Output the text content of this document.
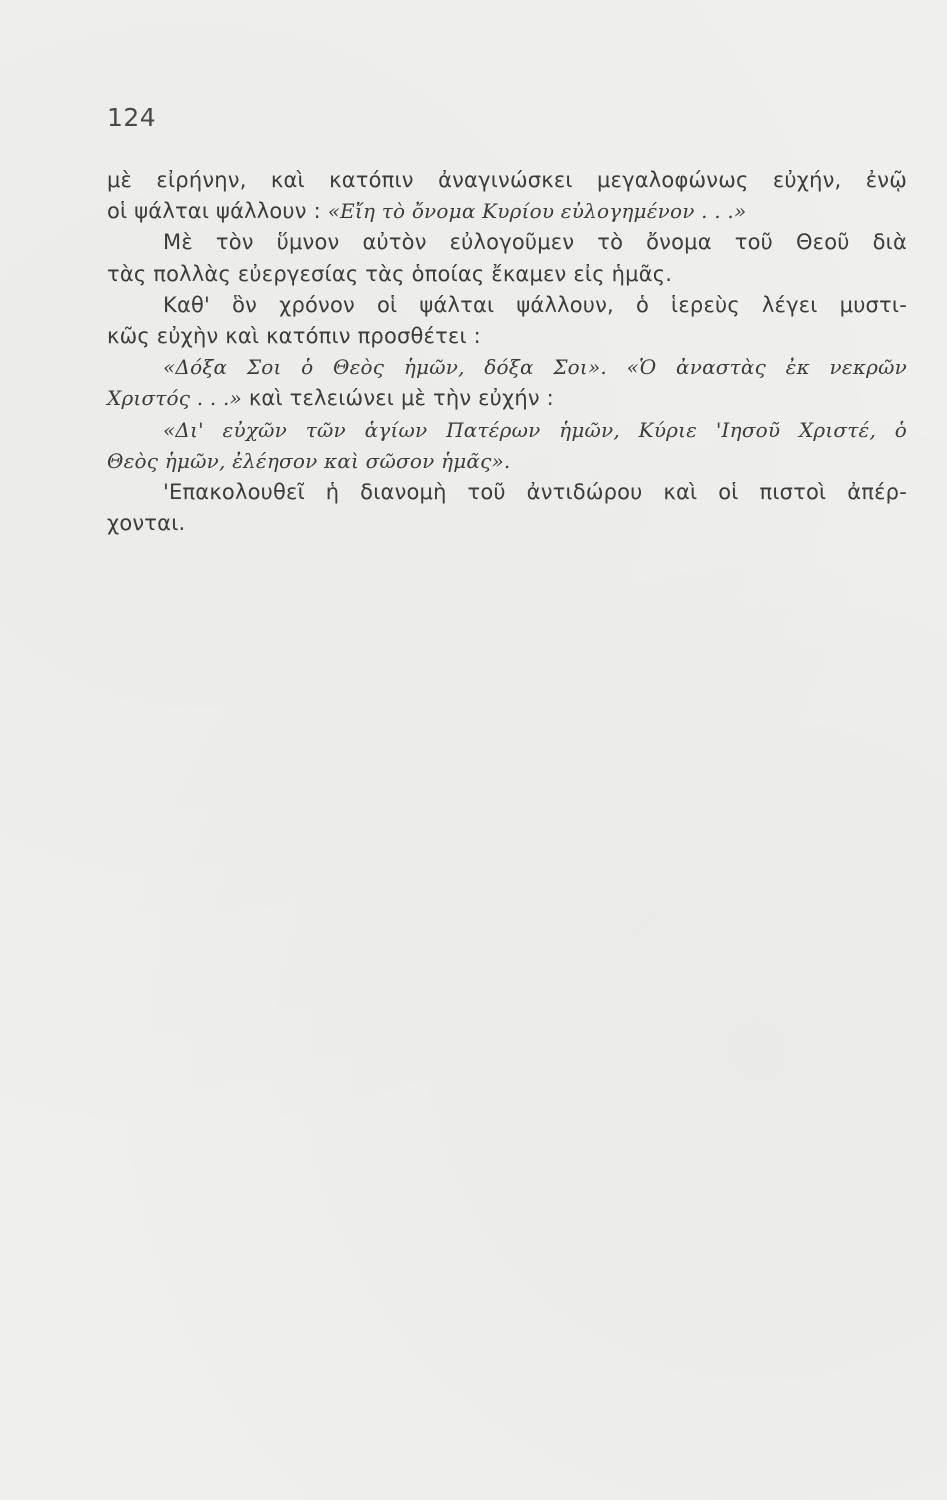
124
μὲ εἰρήνην, καὶ κατόπιν ἀναγινώσκει μεγαλοφώνως εὐχήν, ἐνῷ
οἱ ψάλται ψάλλουν : «Εἴη τὸ ὄνομα Κυρίου εὐλογημένον . . .»
Μὲ τὸν ὕμνον αὐτὸν εὐλογοῦμεν τὸ ὄνομα τοῦ Θεοῦ διὰ
τὰς πολλὰς εὐεργεσίας τὰς ὁποίας ἔκαμεν εἰς ἡμᾶς.
Καθ' ὃν χρόνον οἱ ψάλται ψάλλουν, ὁ ἱερεὺς λέγει μυστι-
κῶς εὐχὴν καὶ κατόπιν προσθέτει :
«Δόξα Σοι ὁ Θεὸς ἡμῶν, δόξα Σοι». «Ὁ ἀναστὰς ἐκ νεκρῶν
Χριστός . . .» καὶ τελειώνει μὲ τὴν εὐχήν :
«Δι' εὐχῶν τῶν ἁγίων Πατέρων ἡμῶν, Κύριε 'Ιησοῦ Χριστέ, ὁ
Θεὸς ἡμῶν, ἐλέησον καὶ σῶσον ἡμᾶς».
'Επακολουθεῖ ἡ διανομὴ τοῦ ἀντιδώρου καὶ οἱ πιστοὶ ἀπέρ-
χονται.
